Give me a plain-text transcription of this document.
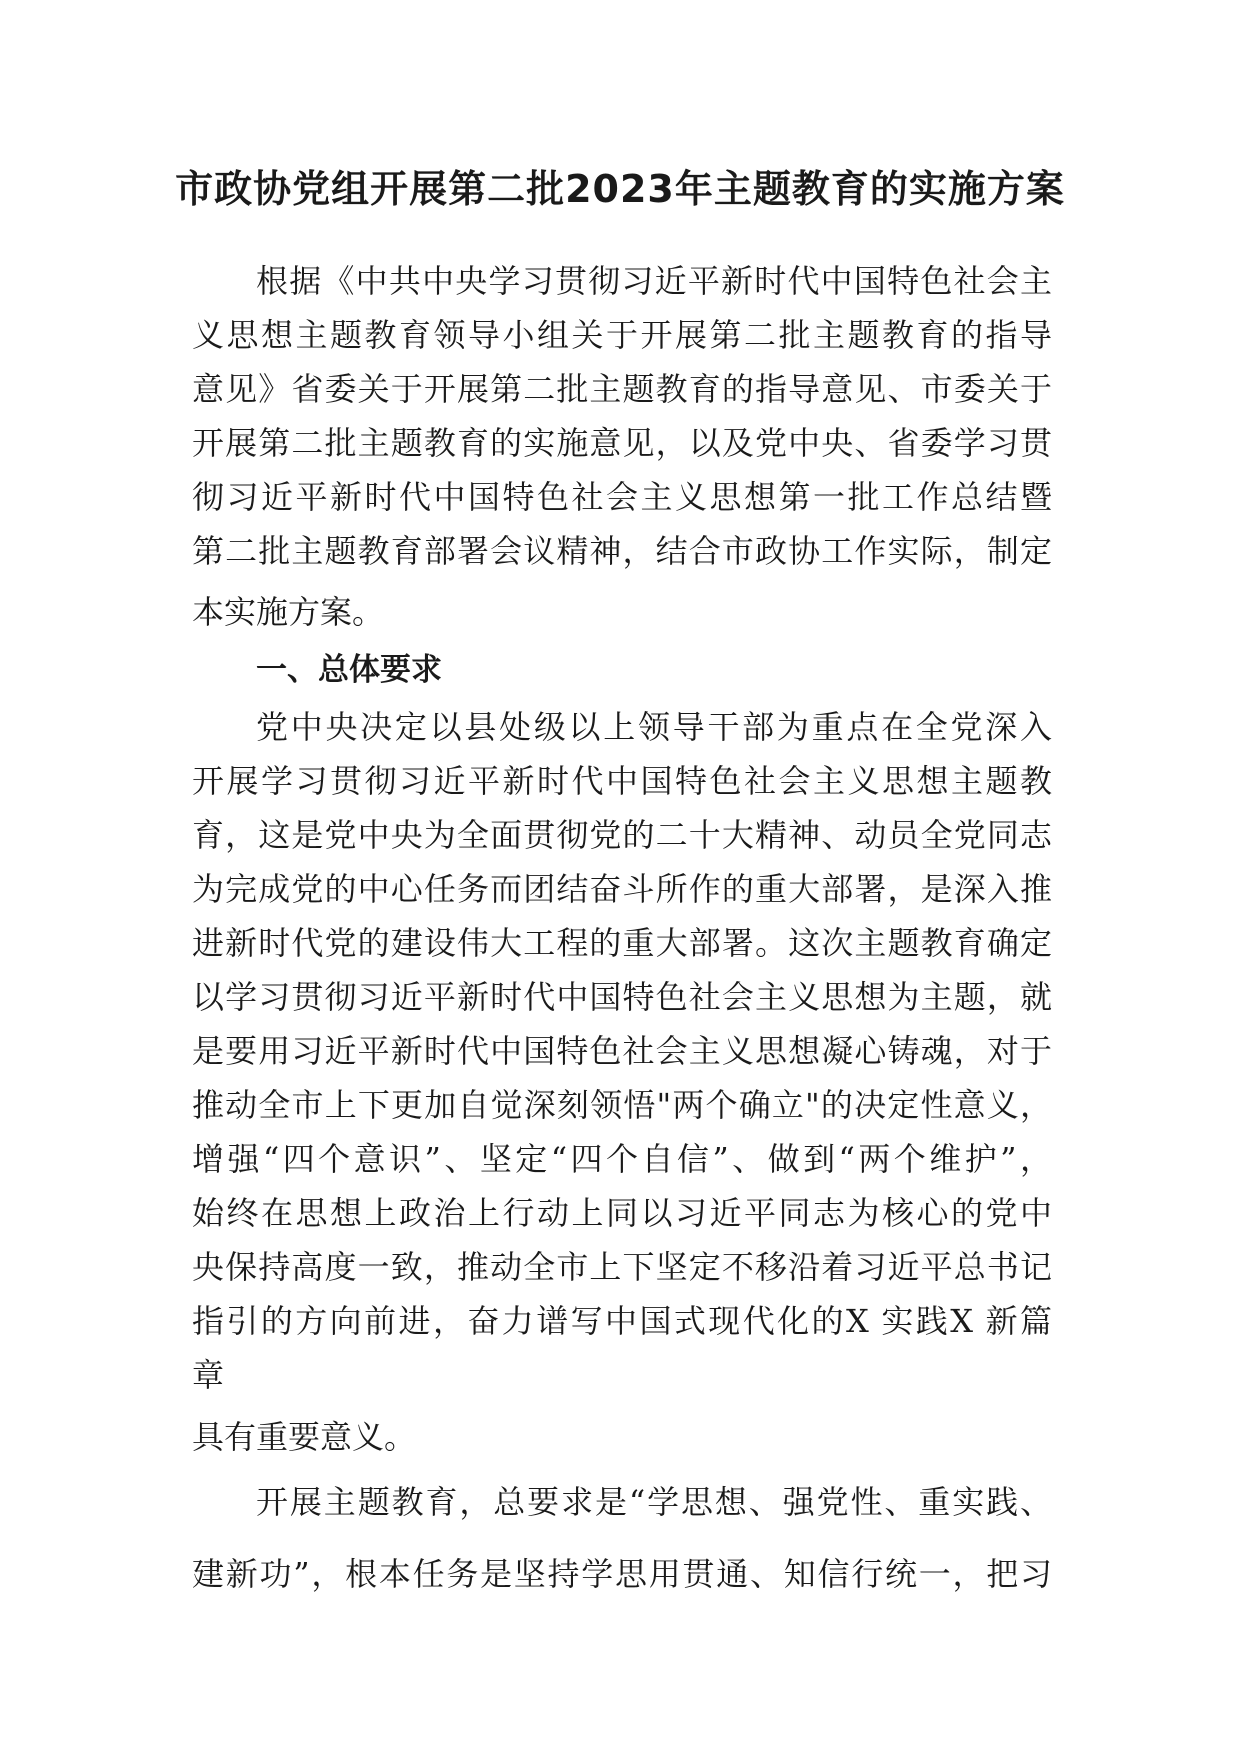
市政协党组开展第二批2023年主题教育的实施方案
根据《中共中央学习贯彻习近平新时代中国特色社会主
义思想主题教育领导小组关于开展第二批主题教育的指导
意见》省委关于开展第二批主题教育的指导意见、市委关于
开展第二批主题教育的实施意见，以及党中央、省委学习贯
彻习近平新时代中国特色社会主义思想第一批工作总结暨
第二批主题教育部署会议精神，结合市政协工作实际，制定
本实施方案。
一、总体要求
党中央决定以县处级以上领导干部为重点在全党深入
开展学习贯彻习近平新时代中国特色社会主义思想主题教
育，这是党中央为全面贯彻党的二十大精神、动员全党同志
为完成党的中心任务而团结奋斗所作的重大部署，是深入推
进新时代党的建设伟大工程的重大部署。这次主题教育确定
以学习贯彻习近平新时代中国特色社会主义思想为主题，就
是要用习近平新时代中国特色社会主义思想凝心铸魂，对于
推动全市上下更加自觉深刻领悟"两个确立"的决定性意义，
增强“四个意识”、坚定“四个自信”、做到“两个维护”，
始终在思想上政治上行动上同以习近平同志为核心的党中
央保持高度一致，推动全市上下坚定不移沿着习近平总书记
指引的方向前进，奋力谱写中国式现代化的X 实践X 新篇
章
具有重要意义。
开展主题教育，总要求是“学思想、强党性、重实践、
建新功”，根本任务是坚持学思用贯通、知信行统一，把习
